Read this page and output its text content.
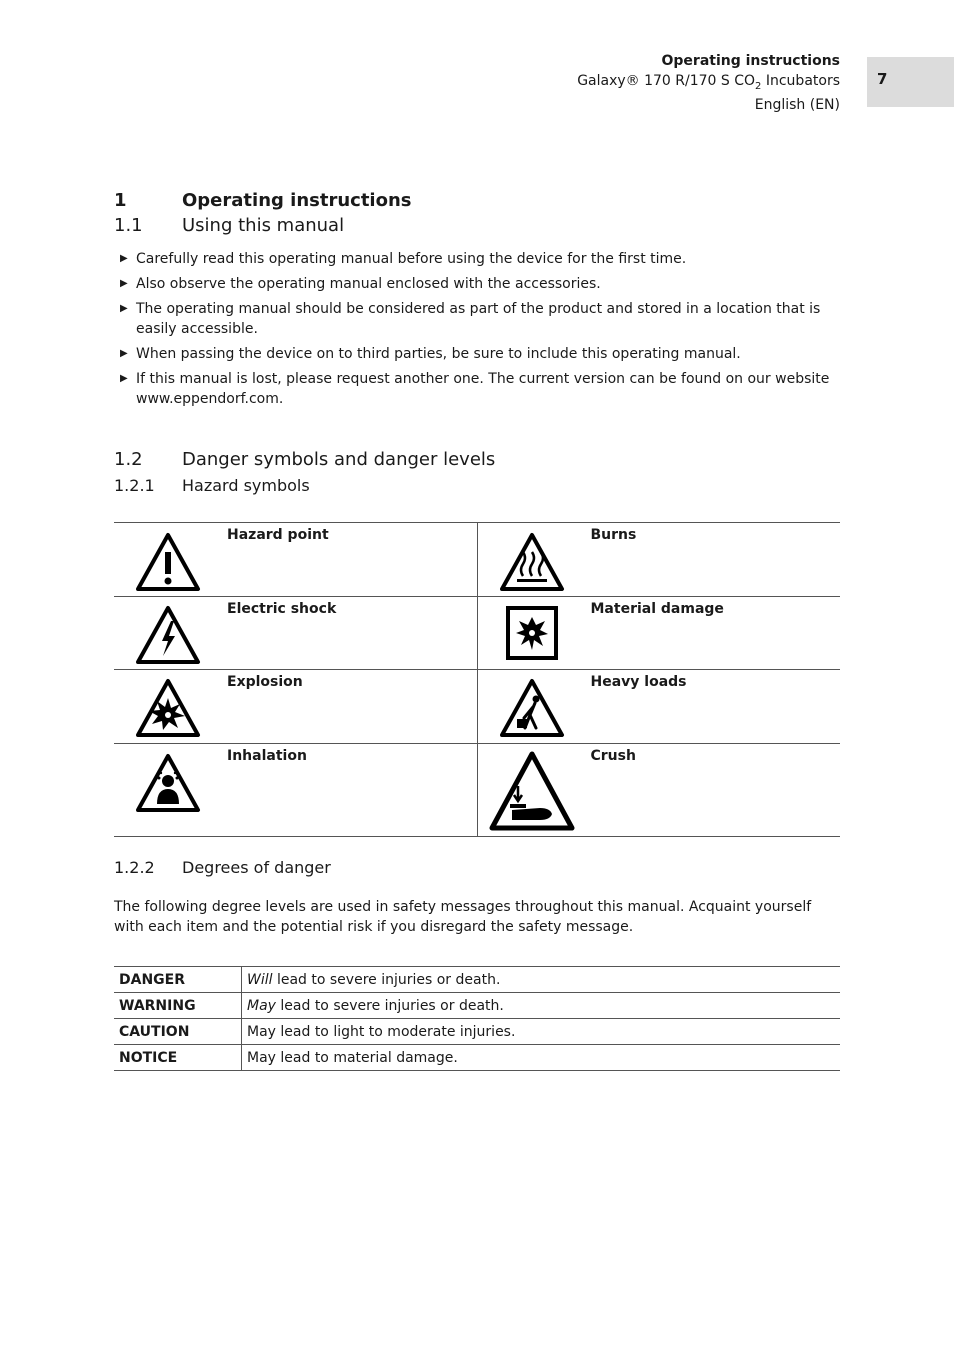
Operating instructions
Galaxy® 170 R/170 S $CO_2$ Incubators
English (EN)
7
1	Operating instructions
1.1 Using this manual
▶ Carefully read this operating manual before using the device for the first time.
▶ Also observe the operating manual enclosed with the accessories.
▶ The operating manual should be considered as part of the product and stored in a location that is easily accessible.
▶ When passing the device on to third parties, be sure to include this operating manual.
▶ If this manual is lost, please request another one. The current version can be found on our website www.eppendorf.com.
1.2 Danger symbols and danger levels
1.2.1 Hazard symbols
Hazard point	Burns

Electric shock	Material damage

Explosion	Heavy loads

Inhalation	Crush
1.2.2 Degrees of danger

The following degree levels are used in safety messages throughout this manual. Acquaint yourself with each item and the potential risk if you disregard the safety message.

DANGER	Will lead to severe injuries or death.
WARNING	May lead to severe injuries or death.
CAUTION	May lead to light to moderate injuries.
NOTICE	May lead to material damage.
